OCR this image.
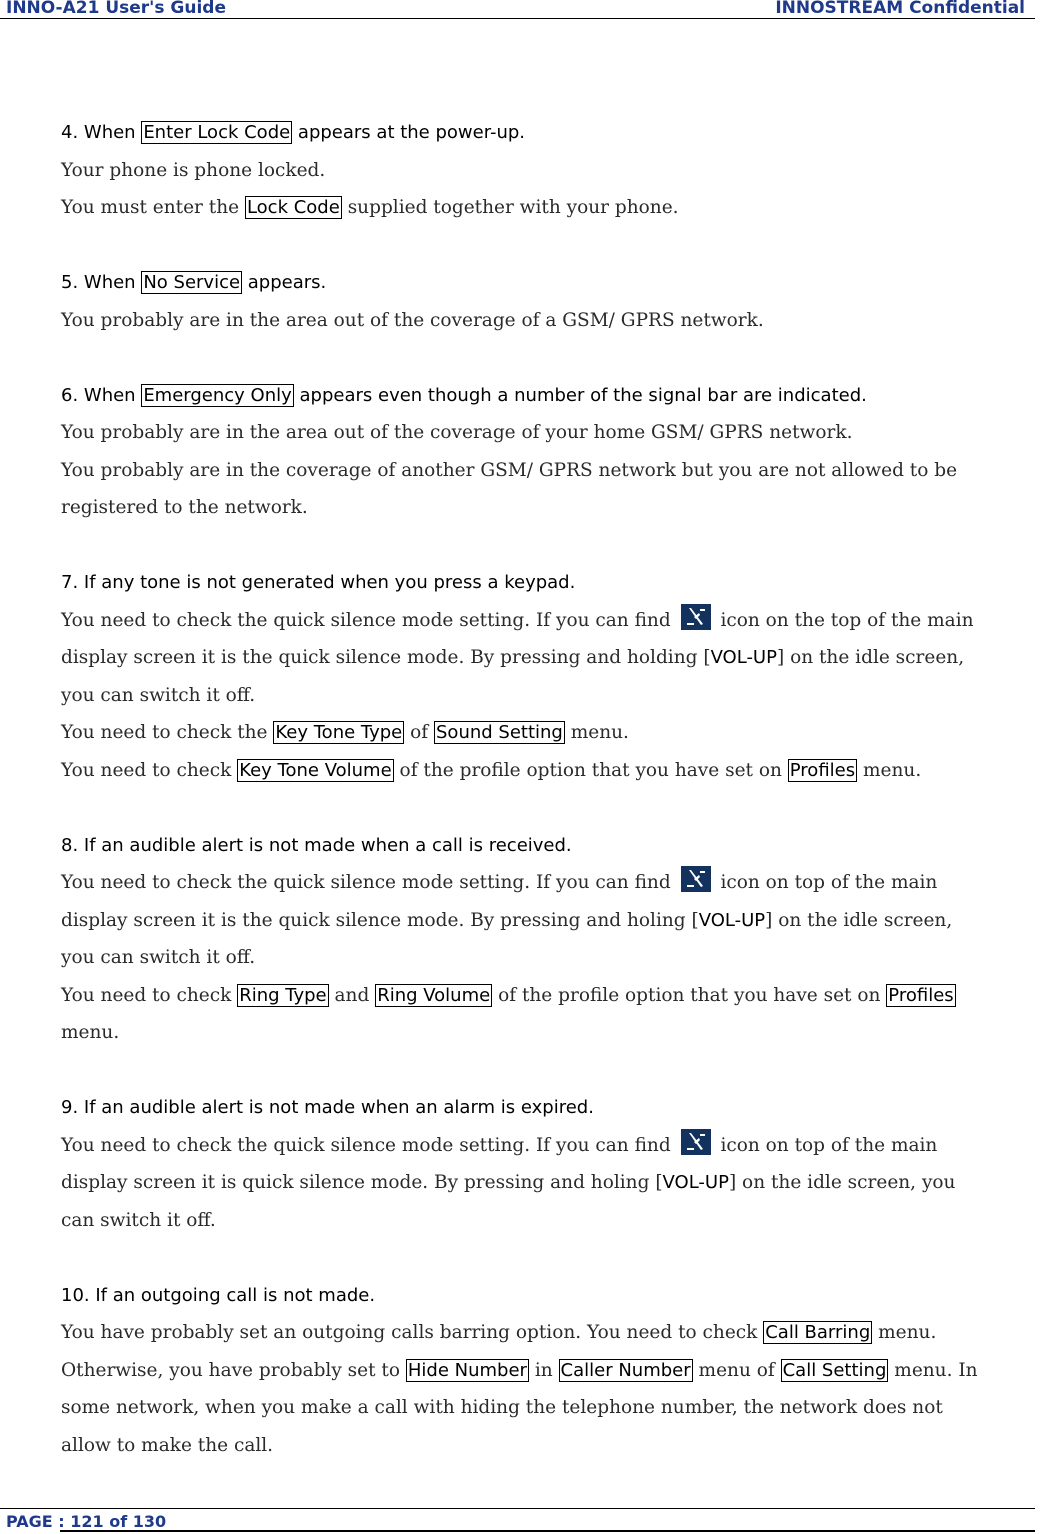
INNO-A21 User's Guide	INNOSTREAM Confidential
4. When Enter Lock Code appears at the power-up.
Your phone is phone locked.
You must enter the Lock Code supplied together with your phone.
5. When No Service appears.
You probably are in the area out of the coverage of a GSM/ GPRS network.
6. When Emergency Only appears even though a number of the signal bar are indicated.
You probably are in the area out of the coverage of your home GSM/ GPRS network.
You probably are in the coverage of another GSM/ GPRS network but you are not allowed to be
registered to the network.
7. If any tone is not generated when you press a keypad.
You need to check the quick silence mode setting. If you can find  icon on the top of the main
display screen it is the quick silence mode. By pressing and holding [VOL-UP] on the idle screen,
you can switch it off.
You need to check the Key Tone Type of Sound Setting menu.
You need to check Key Tone Volume of the profile option that you have set on Profiles menu.
8. If an audible alert is not made when a call is received.
You need to check the quick silence mode setting. If you can find  icon on top of the main
display screen it is the quick silence mode. By pressing and holing [VOL-UP] on the idle screen,
you can switch it off.
You need to check Ring Type and Ring Volume of the profile option that you have set on Profiles
menu.
9. If an audible alert is not made when an alarm is expired.
You need to check the quick silence mode setting. If you can find  icon on top of the main
display screen it is quick silence mode. By pressing and holing [VOL-UP] on the idle screen, you
can switch it off.
10. If an outgoing call is not made.
You have probably set an outgoing calls barring option. You need to check Call Barring menu.
Otherwise, you have probably set to Hide Number in Caller Number menu of Call Setting menu. In
some network, when you make a call with hiding the telephone number, the network does not
allow to make the call.
PAGE : 121 of 130
